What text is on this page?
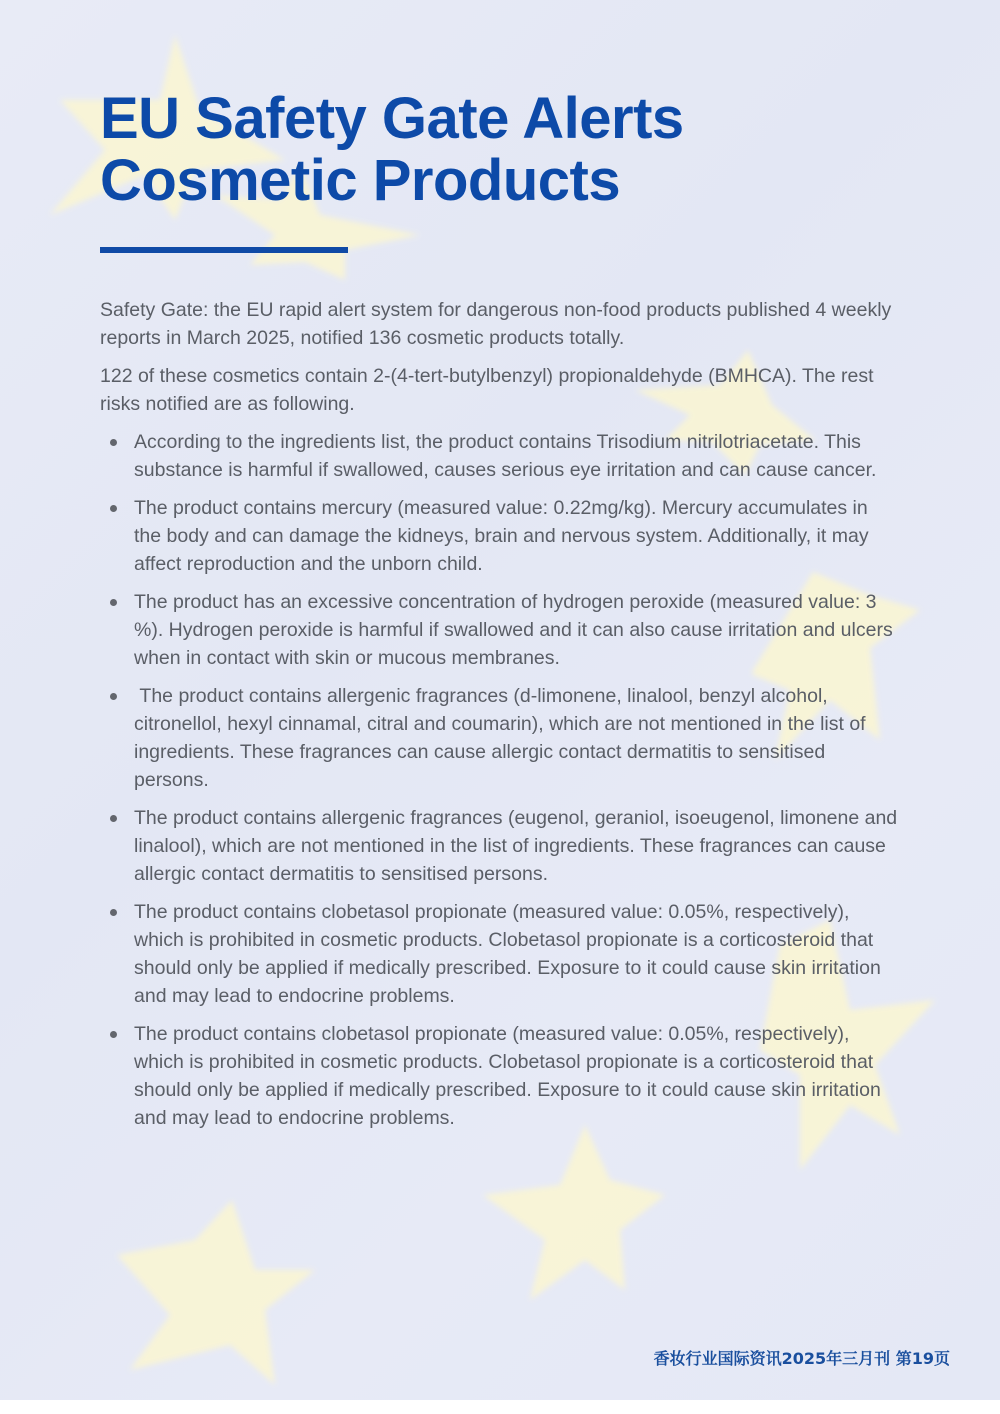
EU Safety Gate Alerts
Cosmetic Products

Safety Gate: the EU rapid alert system for dangerous non-food products published 4 weekly reports in March 2025, notified 136 cosmetic products totally.

122 of these cosmetics contain 2-(4-tert-butylbenzyl) propionaldehyde (BMHCA). The rest risks notified are as following.

According to the ingredients list, the product contains Trisodium nitrilotriacetate. This substance is harmful if swallowed, causes serious eye irritation and can cause cancer.
The product contains mercury (measured value: 0.22mg/kg). Mercury accumulates in the body and can damage the kidneys, brain and nervous system. Additionally, it may affect reproduction and the unborn child.
The product has an excessive concentration of hydrogen peroxide (measured value: 3 %). Hydrogen peroxide is harmful if swallowed and it can also cause irritation and ulcers when in contact with skin or mucous membranes.
The product contains allergenic fragrances (d-limonene, linalool, benzyl alcohol, citronellol, hexyl cinnamal, citral and coumarin), which are not mentioned in the list of ingredients. These fragrances can cause allergic contact dermatitis to sensitised persons.
The product contains allergenic fragrances (eugenol, geraniol, isoeugenol, limonene and linalool), which are not mentioned in the list of ingredients. These fragrances can cause allergic contact dermatitis to sensitised persons.
The product contains clobetasol propionate (measured value: 0.05%, respectively), which is prohibited in cosmetic products. Clobetasol propionate is a corticosteroid that should only be applied if medically prescribed. Exposure to it could cause skin irritation and may lead to endocrine problems.
The product contains clobetasol propionate (measured value: 0.05%, respectively), which is prohibited in cosmetic products. Clobetasol propionate is a corticosteroid that should only be applied if medically prescribed. Exposure to it could cause skin irritation and may lead to endocrine problems.
香妆行业国际资讯2025年三月刊 第19页
